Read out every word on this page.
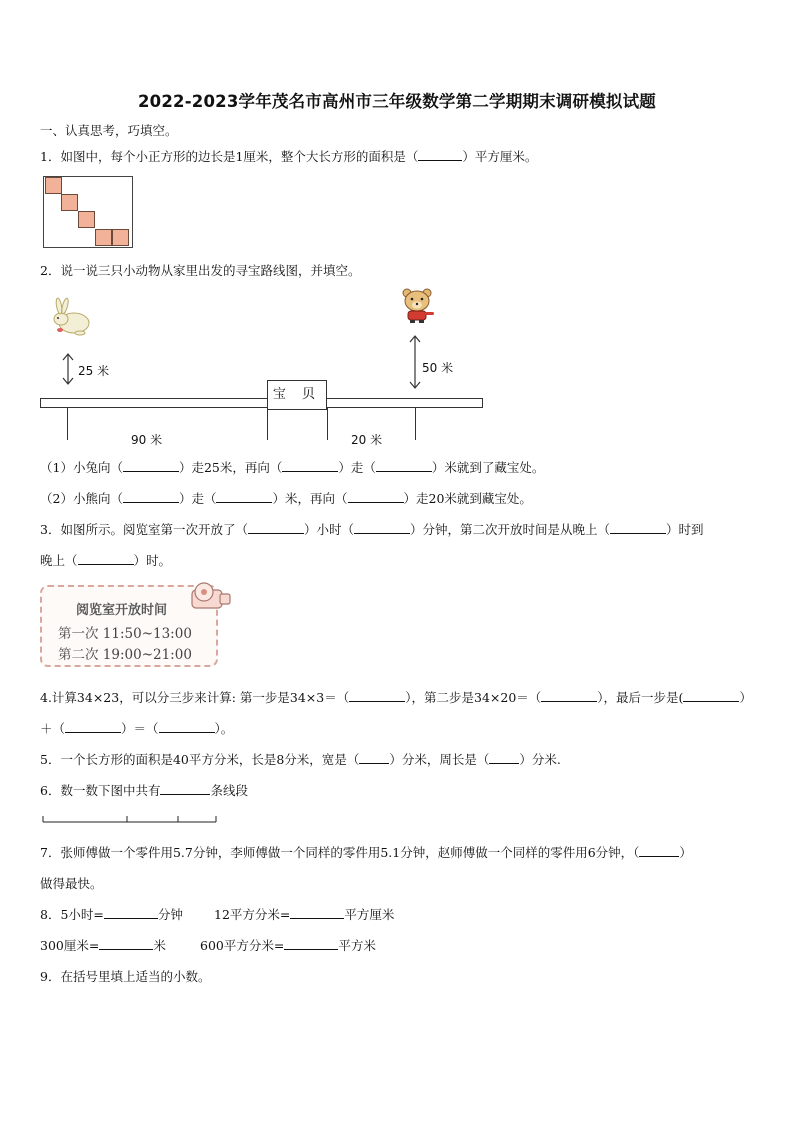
2022-2023学年茂名市高州市三年级数学第二学期期末调研模拟试题
一、认真思考，巧填空。
1．如图中，每个小正方形的边长是1厘米，整个大长方形的面积是（	）平方厘米。
2．说一说三只小动物从家里出发的寻宝路线图，并填空。
25 米	50 米
宝 贝
90 米	20 米
（1）小兔向（	）走25米，再向（	）走（	）米就到了藏宝处。
（2）小熊向（	）走（	）米，再向（	）走20米就到藏宝处。
3．如图所示。阅览室第一次开放了（	）小时（	）分钟，第二次开放时间是从晚上（	）时到
晚上（	）时。
阅览室开放时间
第一次 11:50~13:00
第二次 19:00~21:00
4.计算34×23，可以分三步来计算: 第一步是34×3＝（	），第二步是34×20＝（	），最后一步是(	）
＋（	）＝（	）。
5．一个长方形的面积是40平方分米，长是8分米，宽是（ ）分米，周长是（ ）分米.
6．数一数下图中共有	条线段
7．张师傅做一个零件用5.7分钟，李师傅做一个同样的零件用5.1分钟，赵师傅做一个同样的零件用6分钟，（	）
做得最快。
8．5小时=	分钟 12平方分米=	平方厘米
300厘米=	米	600平方分米=	平方米
9．在括号里填上适当的小数。
